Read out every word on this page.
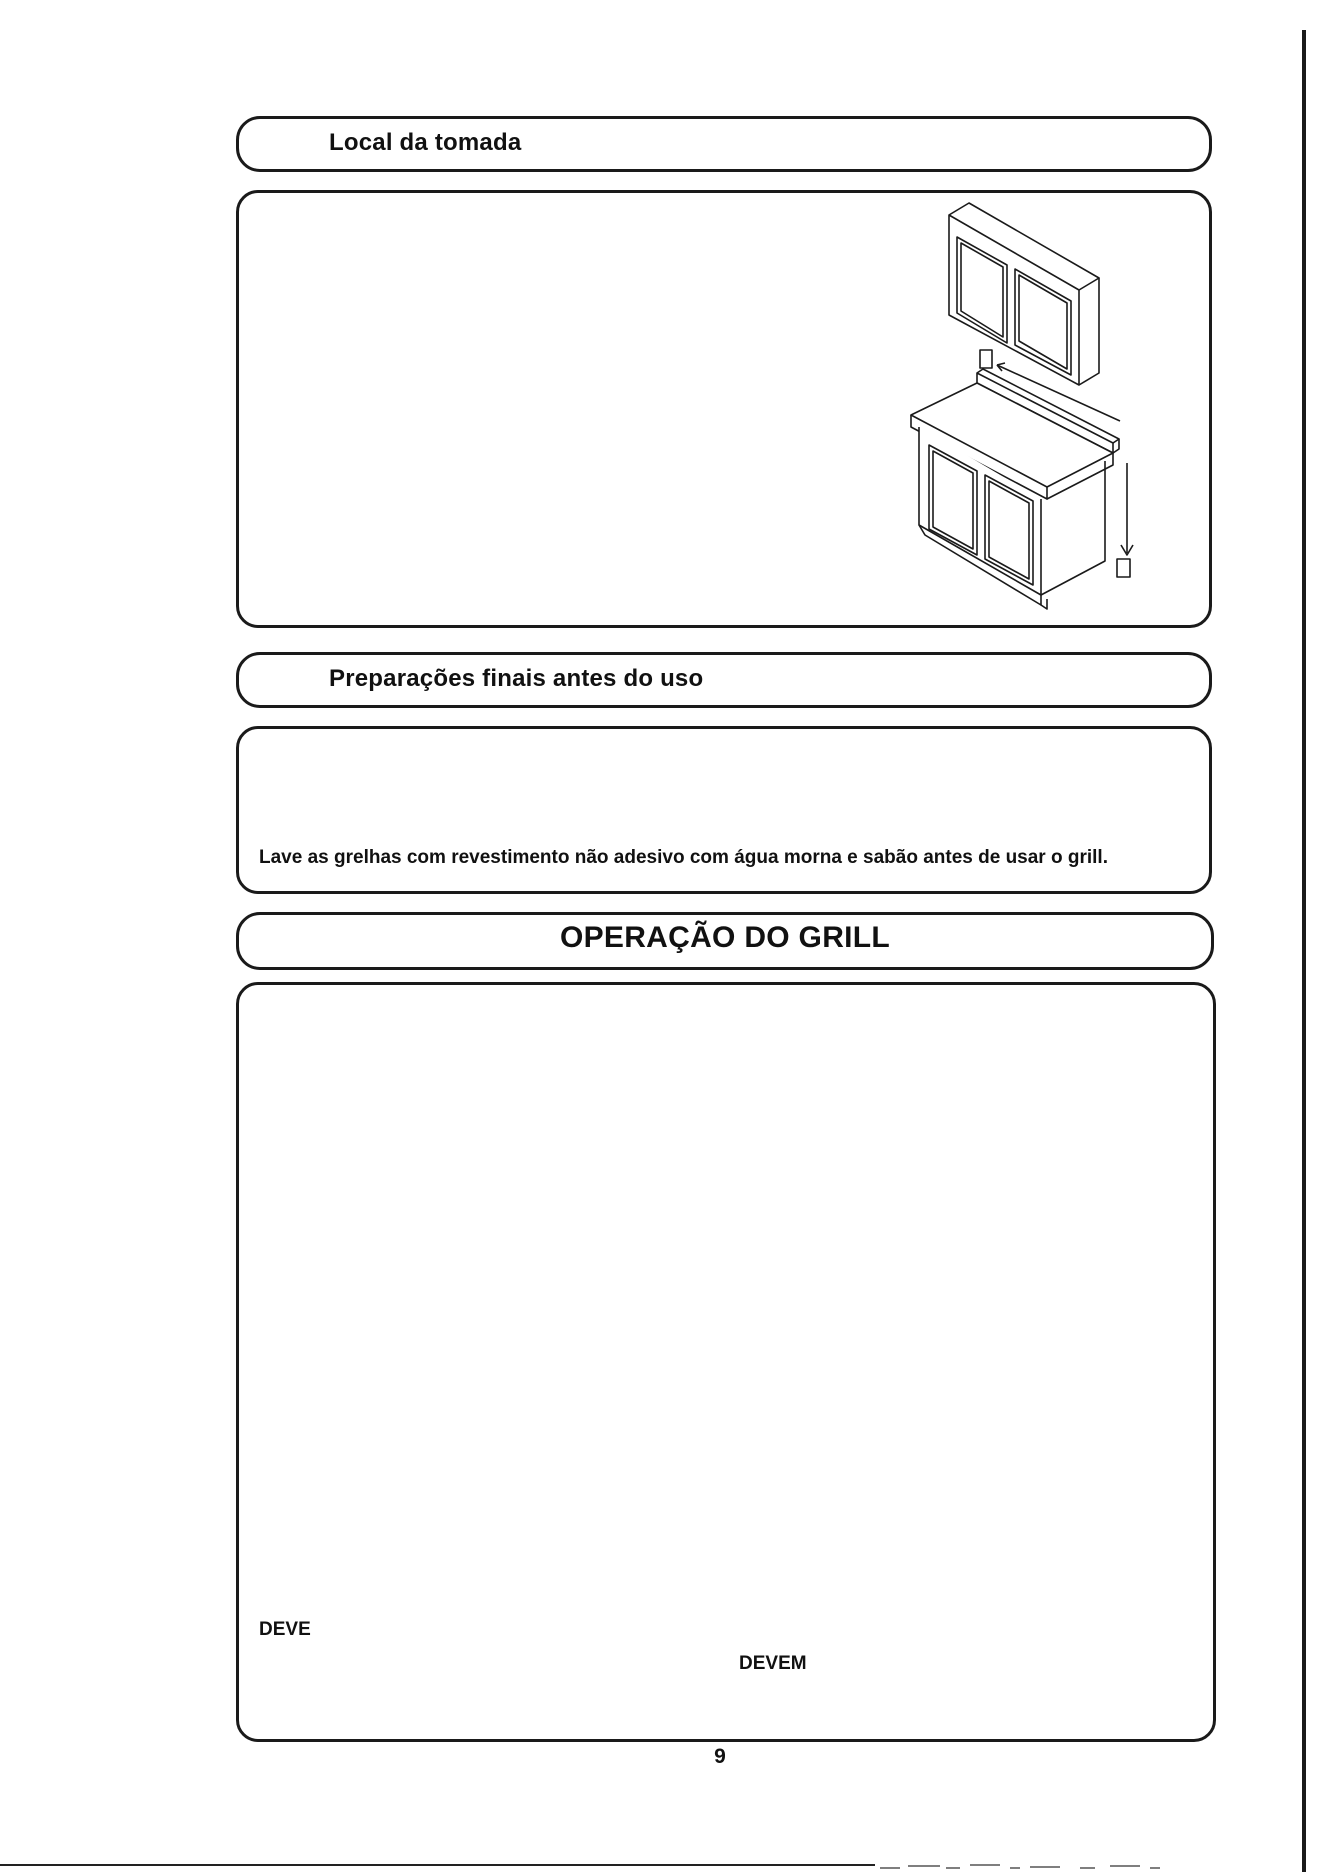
Local da tomada
Preparações finais antes do uso
Lave as grelhas com revestimento não adesivo com água morna e sabão antes de usar o grill.
OPERAÇÃO DO GRILL
DEVE
DEVEM
9
